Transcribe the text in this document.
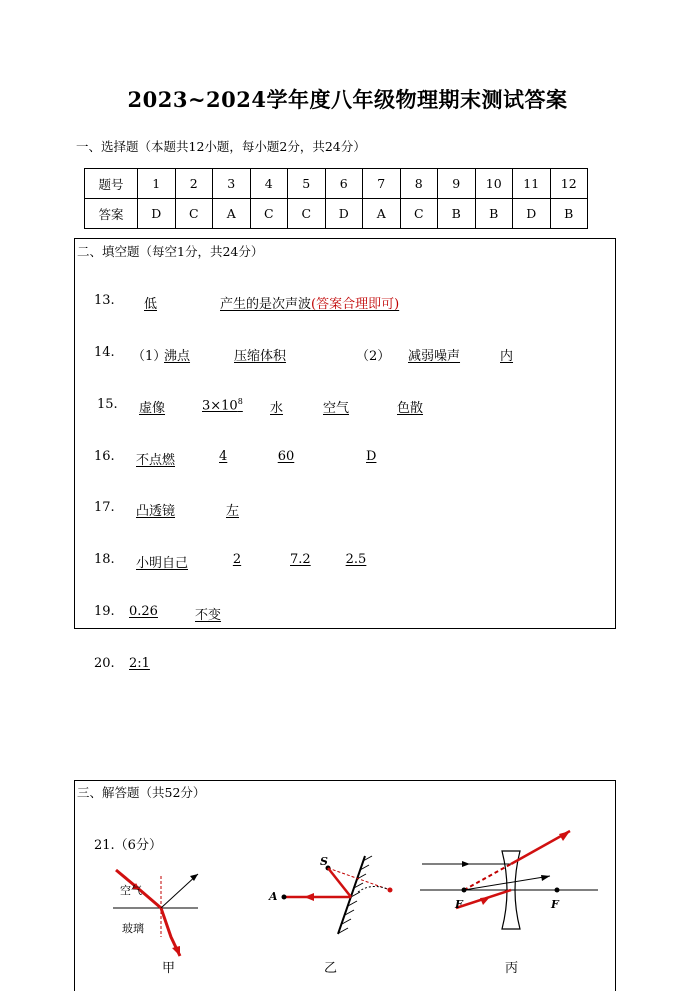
2023~2024学年度八年级物理期末测试答案
一、选择题（本题共12小题，每小题2分，共24分）
题号	1	2	3	4	5	6	7	8	9	10	11	12
答案	D	C	A	C	C	D	A	C	B	B	D	B
二、填空题（每空1分，共24分）
13. 低	产生的是次声波(答案合理即可)
14. （1）
沸点	压缩体积	（2） 减弱噪声	内
15. 虚像	$3\times 10^8$ 水	空气	色散
16. 不点燃	4	60	D
17. 凸透镜	左
18. 小明自己	2	7.2	2.5
19. 0.26	不变
20. 2:1
三、解答题（共52分）
21.（6分）
空气
玻璃
甲
S
A
乙
F	F
丙
